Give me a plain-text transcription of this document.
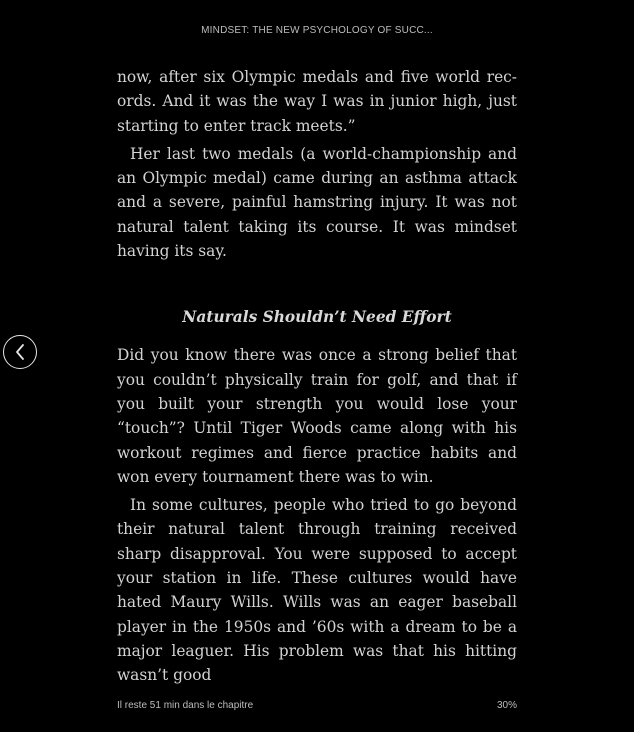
MINDSET: THE NEW PSYCHOLOGY OF SUCC...

now, after six Olympic medals and five world records. And it was the way I was in junior high, just starting to enter track meets.”

Her last two medals (a world-championship and an Olympic medal) came during an asthma attack and a severe, painful hamstring injury. It was not natural talent taking its course. It was mindset having its say.

Naturals Shouldn’t Need Effort

Did you know there was once a strong belief that you couldn’t physically train for golf, and that if you built your strength you would lose your “touch”? Until Tiger Woods came along with his workout regimes and fierce practice habits and won every tournament there was to win.

In some cultures, people who tried to go beyond their natural talent through training received sharp disapproval. You were supposed to accept your station in life. These cultures would have hated Maury Wills. Wills was an eager baseball player in the 1950s and ’60s with a dream to be a major leaguer. His problem was that his hitting wasn’t good

Il reste 51 min dans le chapitre	30%
